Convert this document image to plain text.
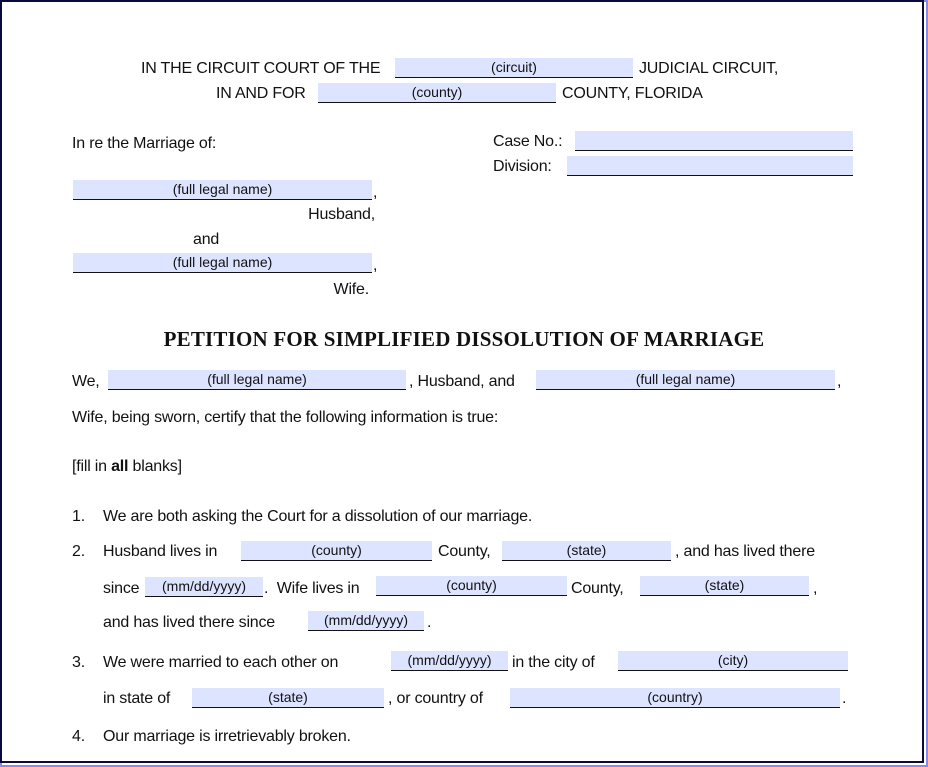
IN THE CIRCUIT COURT OF THE	(circuit)	JUDICIAL CIRCUIT,
IN AND FOR	(county)	COUNTY, FLORIDA
In re the Marriage of:	Case No.:
Division:
(full legal name)	,
Husband,
and
(full legal name)	,
Wife.
PETITION FOR SIMPLIFIED DISSOLUTION OF MARRIAGE
We,	(full legal name)	, Husband, and	(full legal name)	,
Wife, being sworn, certify that the following information is true:
[fill in all blanks]
1. We are both asking the Court for a dissolution of our marriage.
2. Husband lives in	(county)	County,	(state)	, and has lived there
since	(mm/dd/yyyy)	.  Wife lives in	(county)	County,	(state)	,
and has lived there since	(mm/dd/yyyy)	.
3. We were married to each other on	(mm/dd/yyyy)	in the city of	(city)
in state of	(state)	, or country of	(country)	.
4. Our marriage is irretrievably broken.
